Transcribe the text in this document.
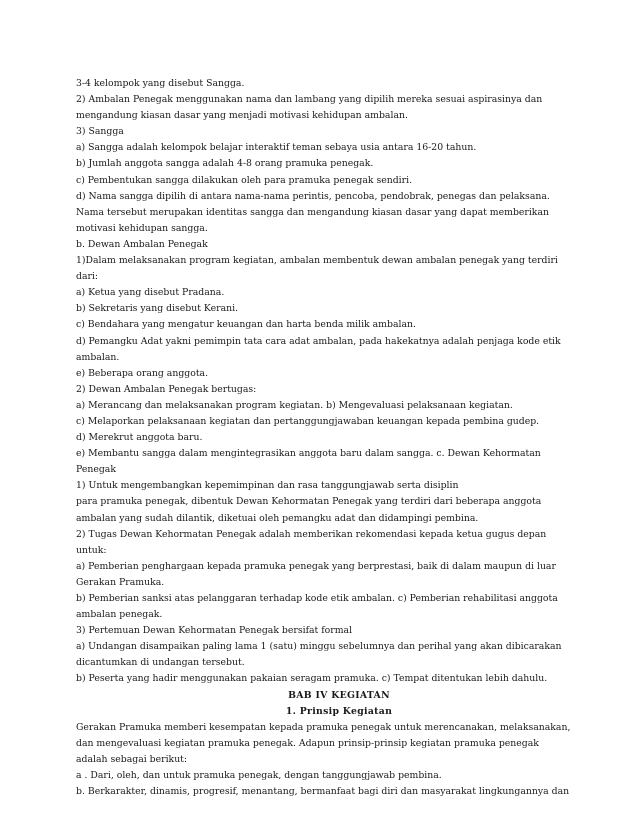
3-4 kelompok yang disebut Sangga.
2) Ambalan Penegak menggunakan nama dan lambang yang dipilih mereka sesuai aspirasinya dan
mengandung kiasan dasar yang menjadi motivasi kehidupan ambalan.
3) Sangga
a) Sangga adalah kelompok belajar interaktif teman sebaya usia antara 16-20 tahun.
b) Jumlah anggota sangga adalah 4-8 orang pramuka penegak.
c) Pembentukan sangga dilakukan oleh para pramuka penegak sendiri.
d) Nama sangga dipilih di antara nama-nama perintis, pencoba, pendobrak, penegas dan pelaksana.
Nama tersebut merupakan identitas sangga dan mengandung kiasan dasar yang dapat memberikan
motivasi kehidupan sangga.
b. Dewan Ambalan Penegak
1)Dalam melaksanakan program kegiatan, ambalan membentuk dewan ambalan penegak yang terdiri
dari:
a) Ketua yang disebut Pradana.
b) Sekretaris yang disebut Kerani.
c) Bendahara yang mengatur keuangan dan harta benda milik ambalan.
d) Pemangku Adat yakni pemimpin tata cara adat ambalan, pada hakekatnya adalah penjaga kode etik
ambalan.
e) Beberapa orang anggota.
2) Dewan Ambalan Penegak bertugas:
a) Merancang dan melaksanakan program kegiatan. b) Mengevaluasi pelaksanaan kegiatan.
c) Melaporkan pelaksanaan kegiatan dan pertanggungjawaban keuangan kepada pembina gudep.
d) Merekrut anggota baru.
e) Membantu sangga dalam mengintegrasikan anggota baru dalam sangga. c. Dewan Kehormatan
Penegak
1) Untuk mengembangkan kepemimpinan dan rasa tanggungjawab serta disiplin
para pramuka penegak, dibentuk Dewan Kehormatan Penegak yang terdiri dari beberapa anggota
ambalan yang sudah dilantik, diketuai oleh pemangku adat dan didampingi pembina.
2) Tugas Dewan Kehormatan Penegak adalah memberikan rekomendasi kepada ketua gugus depan
untuk:
a) Pemberian penghargaan kepada pramuka penegak yang berprestasi, baik di dalam maupun di luar
Gerakan Pramuka.
b) Pemberian sanksi atas pelanggaran terhadap kode etik ambalan. c) Pemberian rehabilitasi anggota
ambalan penegak.
3) Pertemuan Dewan Kehormatan Penegak bersifat formal
a) Undangan disampaikan paling lama 1 (satu) minggu sebelumnya dan perihal yang akan dibicarakan
dicantumkan di undangan tersebut.
b) Peserta yang hadir menggunakan pakaian seragam pramuka. c) Tempat ditentukan lebih dahulu.
BAB IV KEGIATAN
1. Prinsip Kegiatan
Gerakan Pramuka memberi kesempatan kepada pramuka penegak untuk merencanakan, melaksanakan,
dan mengevaluasi kegiatan pramuka penegak. Adapun prinsip-prinsip kegiatan pramuka penegak
adalah sebagai berikut:
a . Dari, oleh, dan untuk pramuka penegak, dengan tanggungjawab pembina.
b. Berkarakter, dinamis, progresif, menantang, bermanfaat bagi diri dan masyarakat lingkungannya dan
